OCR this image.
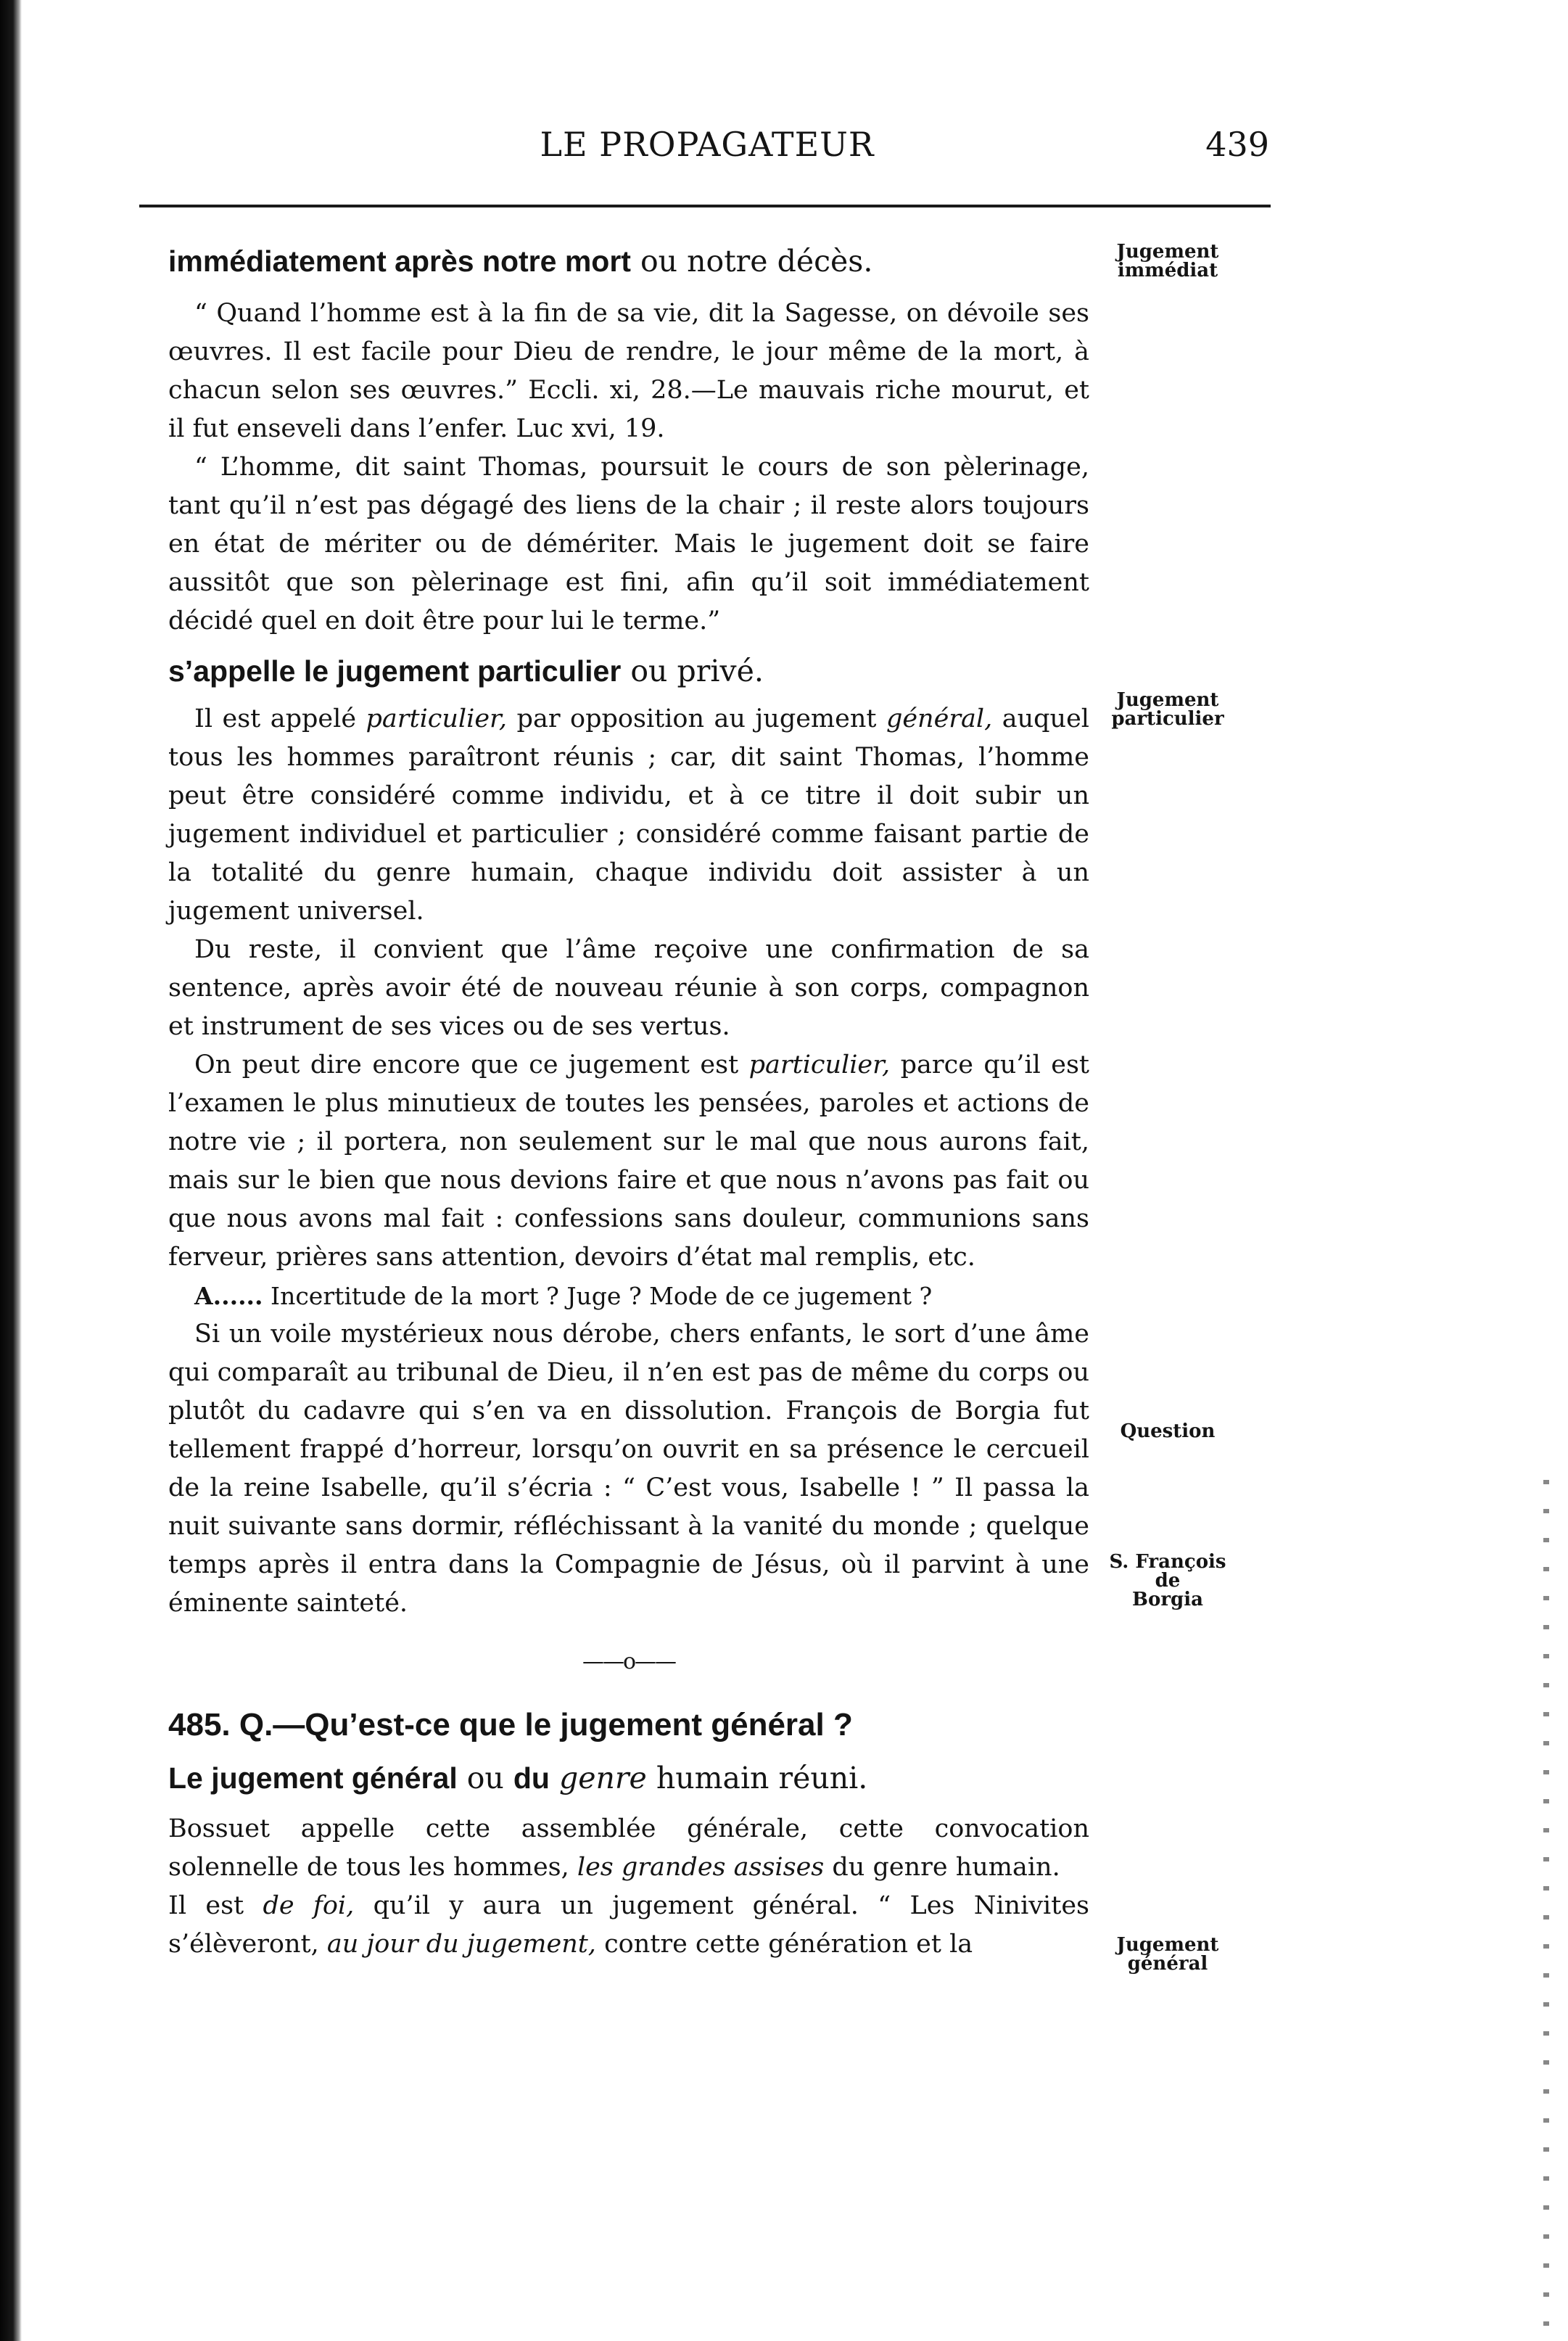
LE PROPAGATEUR	439
immédiatement après notre mort ou notre décès.

“ Quand l’homme est à la fin de sa vie, dit la Sagesse, on dévoile ses œuvres. Il est facile pour Dieu de rendre, le jour même de la mort, à chacun selon ses œuvres.” Eccli. xi, 28.—Le mauvais riche mourut, et il fut enseveli dans l’enfer. Luc xvi, 19.

“ L’homme, dit saint Thomas, poursuit le cours de son pèlerinage, tant qu’il n’est pas dégagé des liens de la chair ; il reste alors toujours en état de mériter ou de démériter. Mais le jugement doit se faire aussitôt que son pèlerinage est fini, afin qu’il soit immédiatement décidé quel en doit être pour lui le terme.”

s’appelle le jugement particulier ou privé.

Il est appelé particulier, par opposition au jugement général, auquel tous les hommes paraîtront réunis ; car, dit saint Thomas, l’homme peut être considéré comme individu, et à ce titre il doit subir un jugement individuel et particulier ; considéré comme faisant partie de la totalité du genre humain, chaque individu doit assister à un jugement universel.

Du reste, il convient que l’âme reçoive une confirmation de sa sentence, après avoir été de nouveau réunie à son corps, compagnon et instrument de ses vices ou de ses vertus.

On peut dire encore que ce jugement est particulier, parce qu’il est l’examen le plus minutieux de toutes les pensées, paroles et actions de notre vie ; il portera, non seulement sur le mal que nous aurons fait, mais sur le bien que nous devions faire et que nous n’avons pas fait ou que nous avons mal fait : confessions sans douleur, communions sans ferveur, prières sans attention, devoirs d’état mal remplis, etc.

A...... Incertitude de la mort ? Juge ? Mode de ce jugement ?

Si un voile mystérieux nous dérobe, chers enfants, le sort d’une âme qui comparaît au tribunal de Dieu, il n’en est pas de même du corps ou plutôt du cadavre qui s’en va en dissolution. François de Borgia fut tellement frappé d’horreur, lorsqu’on ouvrit en sa présence le cercueil de la reine Isabelle, qu’il s’écria : “ C’est vous, Isabelle ! ” Il passa la nuit suivante sans dormir, réfléchissant à la vanité du monde ; quelque temps après il entra dans la Compagnie de Jésus, où il parvint à une éminente sainteté.

——o——
485. Q.—Qu’est-ce que le jugement général ?
Le jugement général ou du genre humain réuni.

Bossuet appelle cette assemblée générale, cette convocation solennelle de tous les hommes, les grandes assises du genre humain.

Il est de foi, qu’il y aura un jugement général. “ Les Ninivites s’élèveront, au jour du jugement, contre cette génération et la

Jugement
immédiat
Jugement
particulier
Question
S. François
de
Borgia
Jugement
général
